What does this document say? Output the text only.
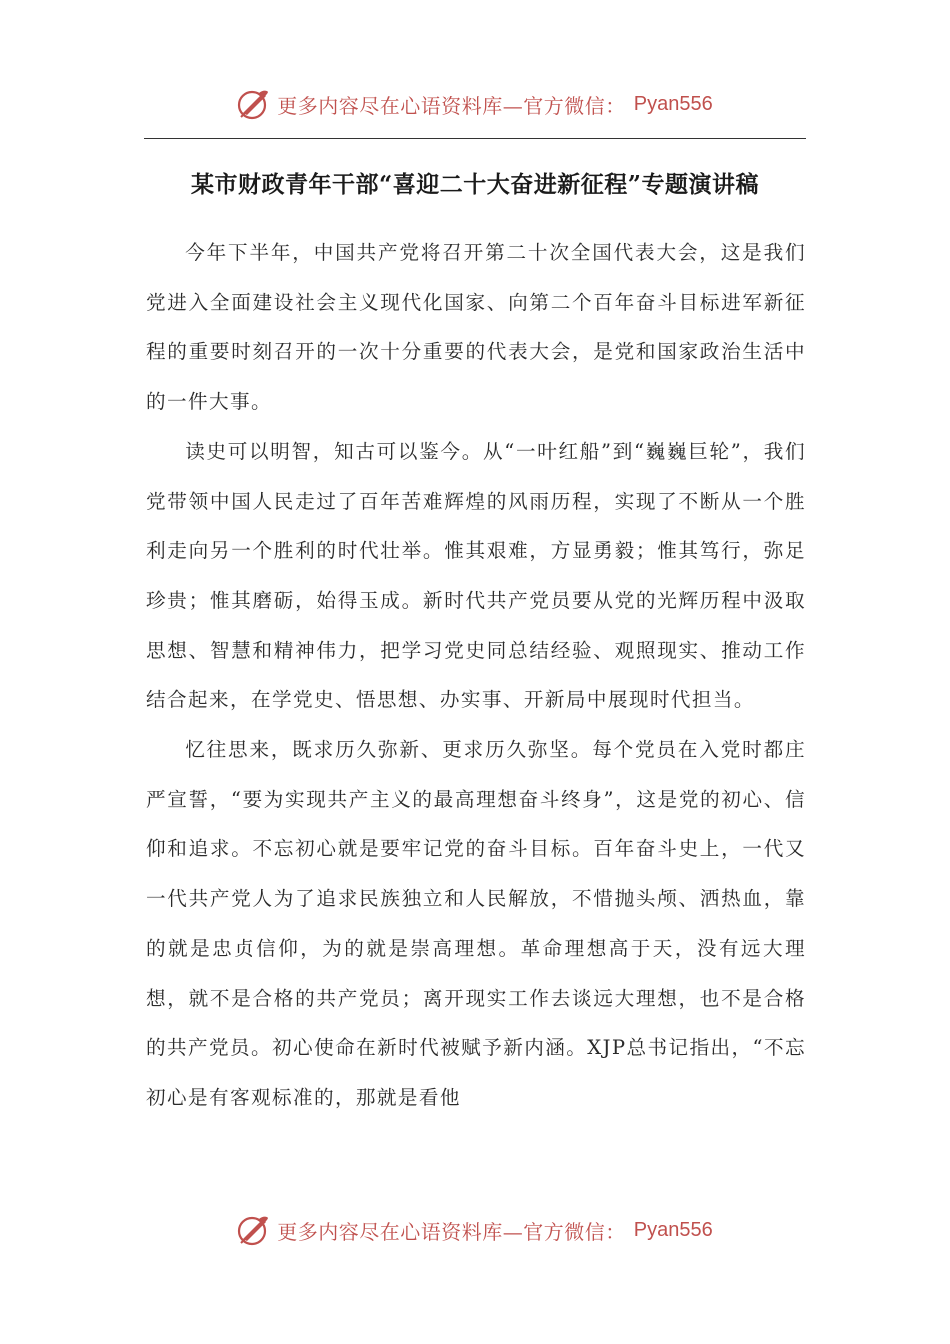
更多内容尽在心语资料库—官方微信： Pyan556
某市财政青年干部“喜迎二十大奋进新征程”专题演讲稿

今年下半年，中国共产党将召开第二十次全国代表大会，这是我们党进入全面建设社会主义现代化国家、向第二个百年奋斗目标进军新征程的重要时刻召开的一次十分重要的代表大会，是党和国家政治生活中的一件大事。

读史可以明智，知古可以鉴今。从“一叶红船”到“巍巍巨轮”，我们党带领中国人民走过了百年苦难辉煌的风雨历程，实现了不断从一个胜利走向另一个胜利的时代壮举。惟其艰难，方显勇毅；惟其笃行，弥足珍贵；惟其磨砺，始得玉成。新时代共产党员要从党的光辉历程中汲取思想、智慧和精神伟力，把学习党史同总结经验、观照现实、推动工作结合起来，在学党史、悟思想、办实事、开新局中展现时代担当。

忆往思来，既求历久弥新、更求历久弥坚。每个党员在入党时都庄严宣誓，“要为实现共产主义的最高理想奋斗终身”，这是党的初心、信仰和追求。不忘初心就是要牢记党的奋斗目标。百年奋斗史上，一代又一代共产党人为了追求民族独立和人民解放，不惜抛头颅、洒热血，靠的就是忠贞信仰，为的就是崇高理想。革命理想高于天，没有远大理想，就不是合格的共产党员；离开现实工作去谈远大理想，也不是合格的共产党员。初心使命在新时代被赋予新内涵。XJP总书记指出，“不忘初心是有客观标准的，那就是看他

更多内容尽在心语资料库—官方微信： Pyan556
